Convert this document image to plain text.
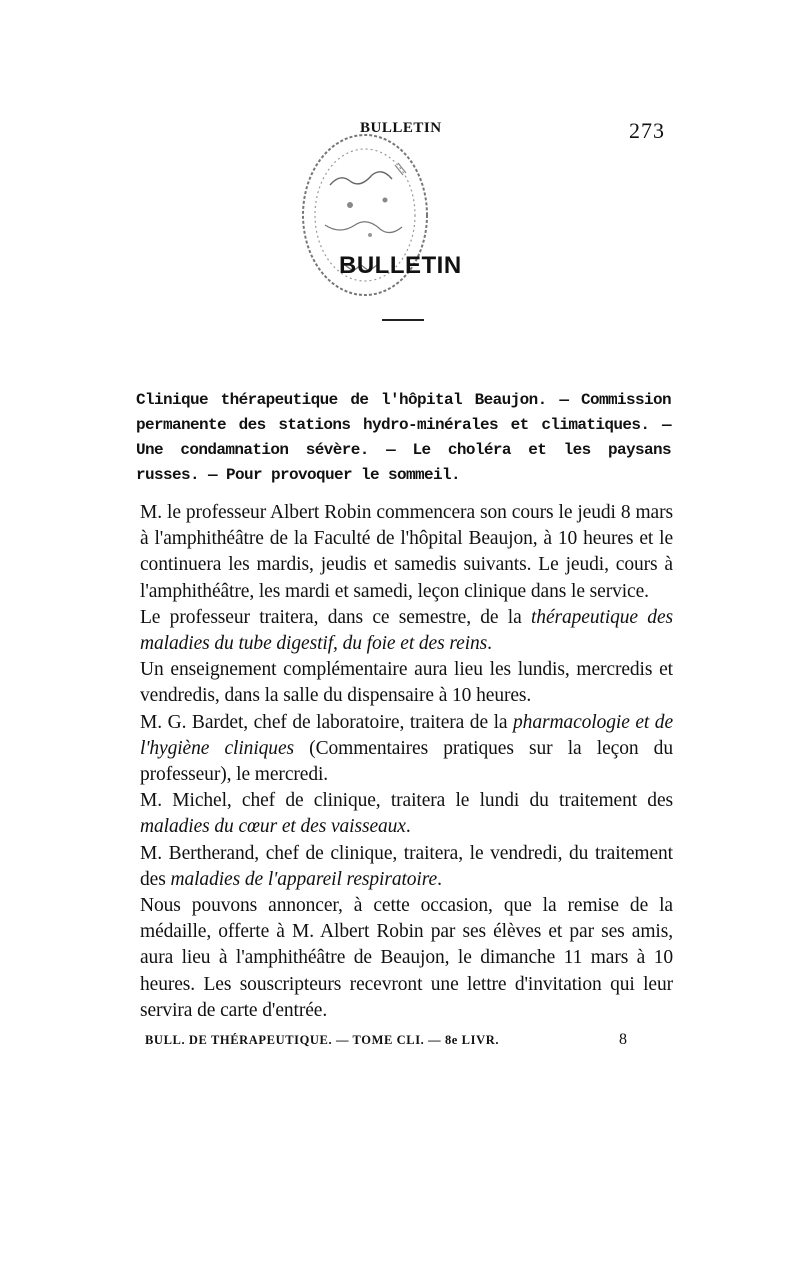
BULLETIN	273
BULLETIN

Clinique thérapeutique de l'hôpital Beaujon. — Commission permanente des stations hydro-minérales et climatiques. — Une condamnation sévère. — Le choléra et les paysans russes. — Pour provoquer le sommeil.

M. le professeur Albert Robin commencera son cours le jeudi 8 mars à l'amphithéâtre de la Faculté de l'hôpital Beaujon, à 10 heures et le continuera les mardis, jeudis et samedis suivants. Le jeudi, cours à l'amphithéâtre, les mardi et samedi, leçon clinique dans le service.

Le professeur traitera, dans ce semestre, de la thérapeutique des maladies du tube digestif, du foie et des reins.

Un enseignement complémentaire aura lieu les lundis, mercredis et vendredis, dans la salle du dispensaire à 10 heures.

M. G. Bardet, chef de laboratoire, traitera de la pharmacologie et de l'hygiène cliniques (Commentaires pratiques sur la leçon du professeur), le mercredi.

M. Michel, chef de clinique, traitera le lundi du traitement des maladies du cœur et des vaisseaux.

M. Bertherand, chef de clinique, traitera, le vendredi, du traitement des maladies de l'appareil respiratoire.

Nous pouvons annoncer, à cette occasion, que la remise de la médaille, offerte à M. Albert Robin par ses élèves et par ses amis, aura lieu à l'amphithéâtre de Beaujon, le dimanche 11 mars à 10 heures. Les souscripteurs recevront une lettre d'invitation qui leur servira de carte d'entrée.

BULL. DE THÉRAPEUTIQUE. — TOME CLI. — 8e LIVR.	8
